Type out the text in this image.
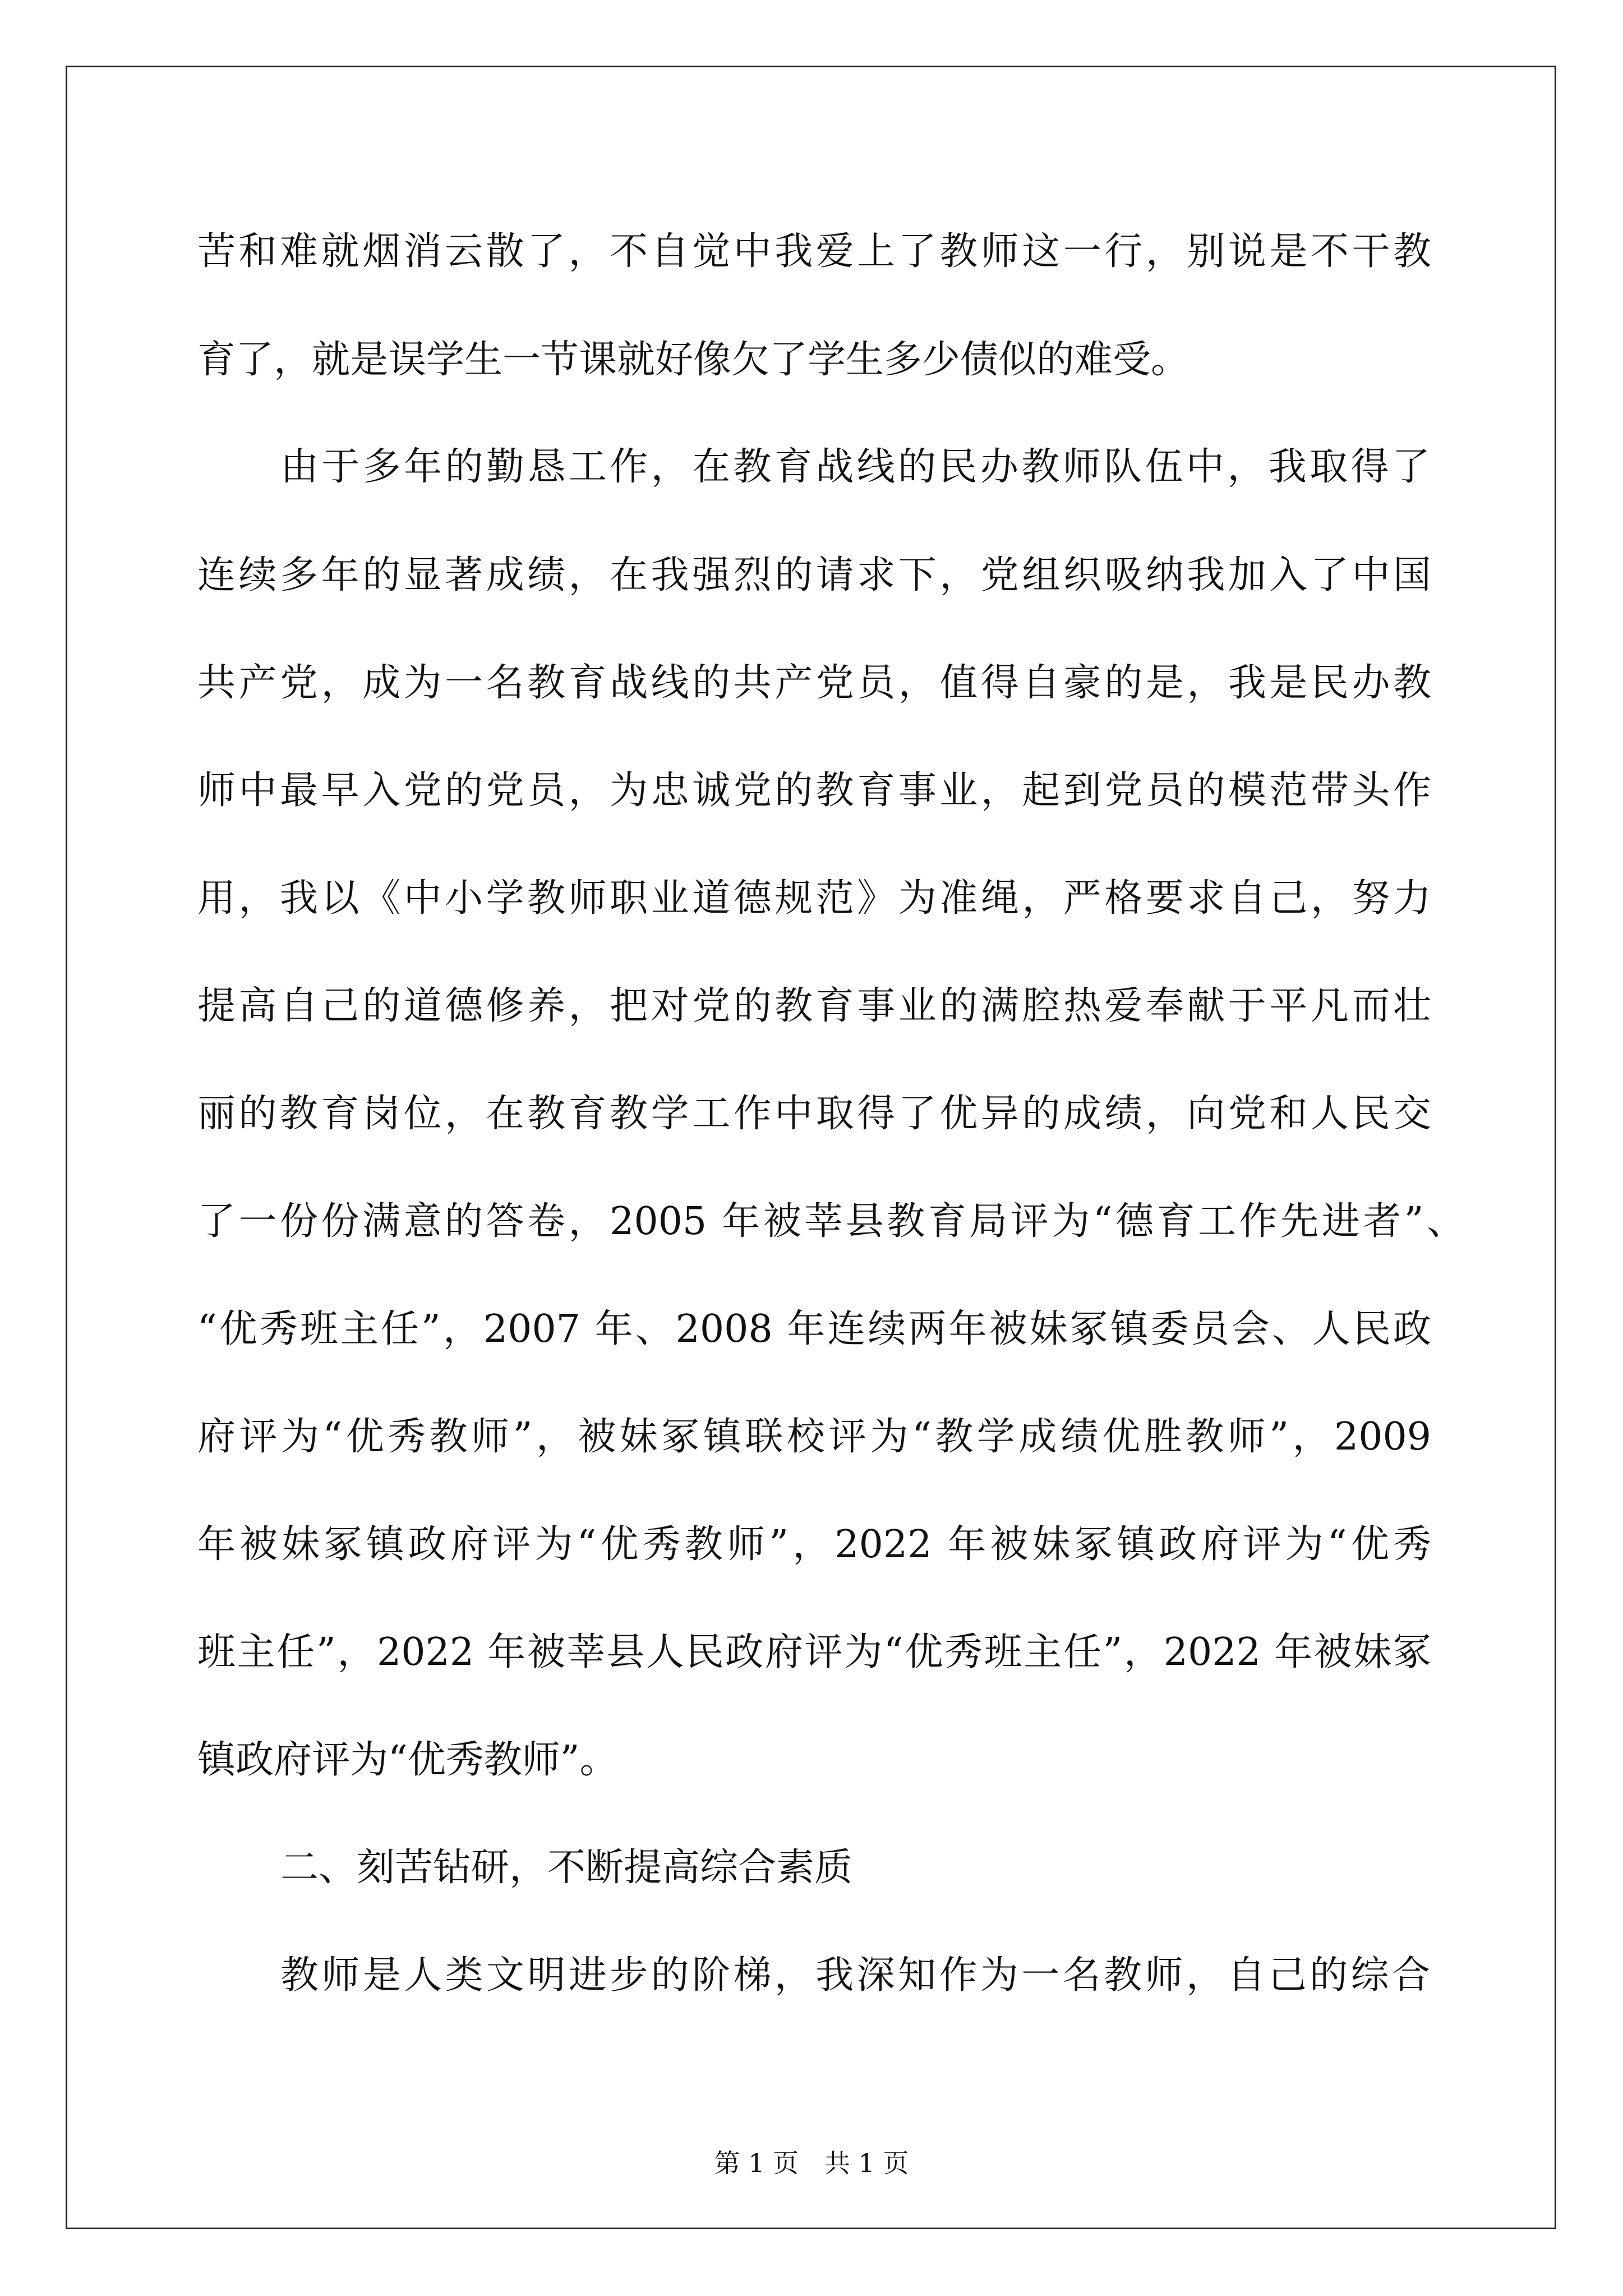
苦和难就烟消云散了，不自觉中我爱上了教师这一行，别说是不干教
育了，就是误学生一节课就好像欠了学生多少债似的难受。
由于多年的勤恳工作，在教育战线的民办教师队伍中，我取得了
连续多年的显著成绩，在我强烈的请求下，党组织吸纳我加入了中国
共产党，成为一名教育战线的共产党员，值得自豪的是，我是民办教
师中最早入党的党员，为忠诚党的教育事业，起到党员的模范带头作
用，我以《中小学教师职业道德规范》为准绳，严格要求自己，努力
提高自己的道德修养，把对党的教育事业的满腔热爱奉献于平凡而壮
丽的教育岗位，在教育教学工作中取得了优异的成绩，向党和人民交
了一份份满意的答卷，2005 年被莘县教育局评为“德育工作先进者”、
“优秀班主任”，2007 年、2008 年连续两年被妹冢镇委员会、人民政
府评为“优秀教师”，被妹冢镇联校评为“教学成绩优胜教师”，2009
年被妹冢镇政府评为“优秀教师”，2022 年被妹冢镇政府评为“优秀
班主任”，2022 年被莘县人民政府评为“优秀班主任”，2022 年被妹冢
镇政府评为“优秀教师”。
二、刻苦钻研，不断提高综合素质
教师是人类文明进步的阶梯，我深知作为一名教师，自己的综合
第 1 页　共 1 页
